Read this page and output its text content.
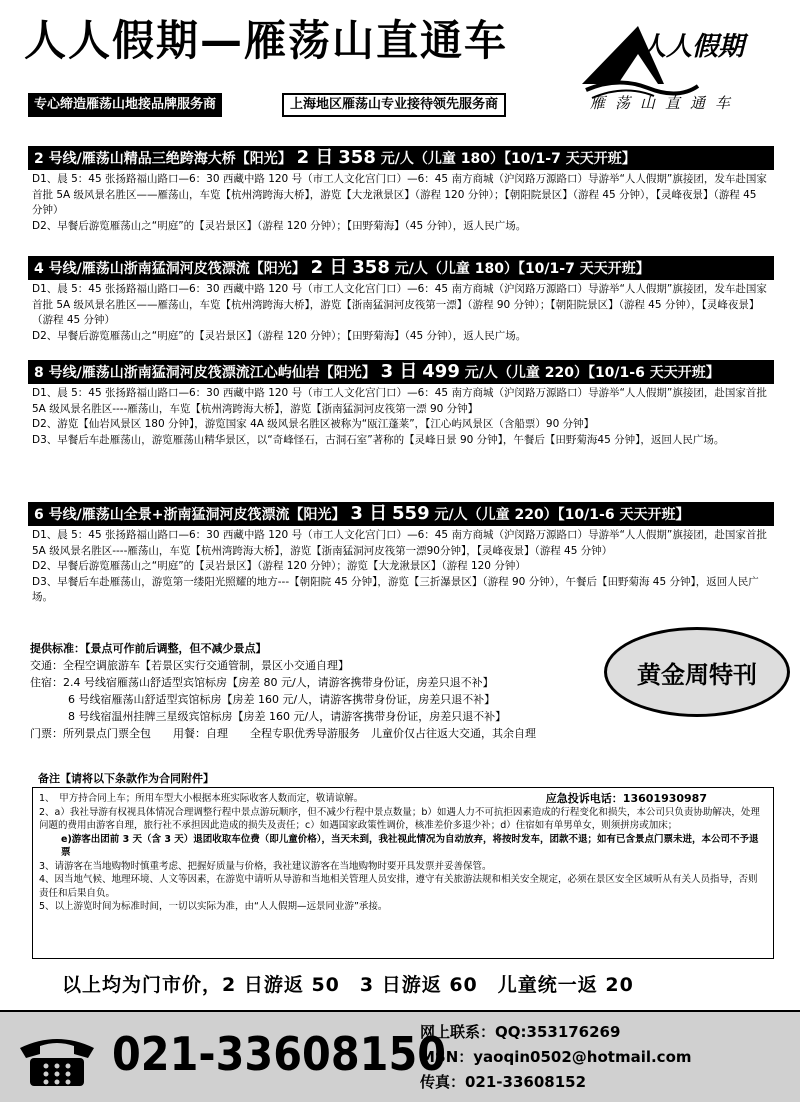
人人假期—雁荡山直通车
专心缔造雁荡山地接品牌服务商	上海地区雁荡山专业接待领先服务商
人人假期
雁荡山直通车
2 号线/雁荡山精品三绝跨海大桥【阳光】 2 日 358 元/人（儿童 180）【10/1-7 天天开班】

D1、晨 5：45 张扬路福山路口—6：30 西藏中路 120 号（市工人文化宫门口）—6：45 南方商城（沪闵路万源路口）导游举“人人假期”旗接团，发车赴国家首批 5A 级风景名胜区——雁荡山，车览【杭州湾跨海大桥】，游览【大龙湫景区】（游程 120 分钟）；【朝阳院景区】（游程 45 分钟），【灵峰夜景】（游程 45 分钟）

D2、早餐后游览雁荡山之“明庭”的【灵岩景区】（游程 120 分钟）；【田野菊海】（45 分钟），返人民广场。

4 号线/雁荡山浙南猛洞河皮筏漂流【阳光】 2 日 358 元/人（儿童 180）【10/1-7 天天开班】

D1、晨 5：45 张扬路福山路口—6：30 西藏中路 120 号（市工人文化宫门口）—6：45 南方商城（沪闵路万源路口）导游举“人人假期”旗接团，发车赴国家首批 5A 级风景名胜区——雁荡山，车览【杭州湾跨海大桥】，游览【浙南猛洞河皮筏第一漂】（游程 90 分钟）；【朝阳院景区】（游程 45 分钟），【灵峰夜景】（游程 45 分钟）

D2、早餐后游览雁荡山之“明庭”的【灵岩景区】（游程 120 分钟）；【田野菊海】（45 分钟），返人民广场。

8 号线/雁荡山浙南猛洞河皮筏漂流江心屿仙岩【阳光】 3 日 499 元/人（儿童 220）【10/1-6 天天开班】

D1、晨 5：45 张扬路福山路口—6：30 西藏中路 120 号（市工人文化宫门口）—6：45 南方商城（沪闵路万源路口）导游举“人人假期”旗接团，赴国家首批 5A 级风景名胜区----雁荡山，车览【杭州湾跨海大桥】，游览【浙南猛洞河皮筏第一漂 90 分钟】

D2、游览【仙岩风景区 180 分钟】，游览国家 4A 级风景名胜区被称为“瓯江蓬莱”，【江心屿风景区（含船票）90 分钟】

D3、早餐后车赴雁荡山，游览雁荡山精华景区，以“奇峰怪石，古洞石室”著称的【灵峰日景 90 分钟】，午餐后【田野菊海45 分钟】，返回人民广场。

6 号线/雁荡山全景+浙南猛洞河皮筏漂流【阳光】 3 日 559 元/人（儿童 220）【10/1-6 天天开班】

D1、晨 5：45 张扬路福山路口—6：30 西藏中路 120 号（市工人文化宫门口）—6：45 南方商城（沪闵路万源路口）导游举“人人假期”旗接团，赴国家首批 5A 级风景名胜区----雁荡山，车览【杭州湾跨海大桥】，游览【浙南猛洞河皮筏第一漂90分钟】，【灵峰夜景】（游程 45 分钟）

D2、早餐后游览雁荡山之“明庭”的【灵岩景区】（游程 120 分钟）；游览【大龙湫景区】（游程 120 分钟）

D3、早餐后车赴雁荡山，游览第一缕阳光照耀的地方---【朝阳院 45 分钟】，游览【三折瀑景区】（游程 90 分钟），午餐后【田野菊海 45 分钟】，返回人民广场。

提供标准：【景点可作前后调整，但不减少景点】

交通：全程空调旅游车【若景区实行交通管制，景区小交通自理】

住宿：2.4 号线宿雁荡山舒适型宾馆标房【房差 80 元/人，请游客携带身份证，房差只退不补】

6 号线宿雁荡山舒适型宾馆标房【房差 160 元/人，请游客携带身份证，房差只退不补】

8 号线宿温州挂牌三星级宾馆标房【房差 160 元/人，请游客携带身份证，房差只退不补】

门票：所列景点门票全包　　用餐：自理　　全程专职优秀导游服务　儿童价仅占往返大交通，其余自理

黄金周特刊
备注【请将以下条款作为合同附件】

1、　甲方持合同上车；所用车型大小根据本班实际收客人数而定，敬请谅解。	应急投诉电话：13601930987

2、a）我社导游有权视具体情况合理调整行程中景点游玩顺序，但不减少行程中景点数量；b）如遇人力不可抗拒因素造成的行程变化和损失，本公司只负责协助解决，处理问题的费用由游客自理，旅行社不承担因此造成的损失及责任；c）如遇国家政策性调价，核准差价多退少补；d）住宿如有单男单女，则须拼房或加床；

e)游客出团前 3 天（含 3 天）退团收取车位费（即儿童价格），当天未到，我社视此情况为自动放弃，将按时发车，团款不退；如有已含景点门票未进，本公司不予退票

3、请游客在当地购物时慎重考虑、把握好质量与价格，我社建议游客在当地购物时要开具发票并妥善保管。

4、因当地气候、地理环境、人文等因素，在游览中请听从导游和当地相关管理人员安排，遵守有关旅游法规和相关安全规定，必须在景区安全区域听从有关人员指导，否则责任和后果自负。

5、以上游览时间为标准时间，一切以实际为准，由“人人假期—远景同业游”承接。

以上均为门市价，2 日游返 50　3 日游返 60　儿童统一返 20
021-33608150

网上联系：QQ:353176269

MSN：yaoqin0502@hotmail.com

传真：021-33608152
